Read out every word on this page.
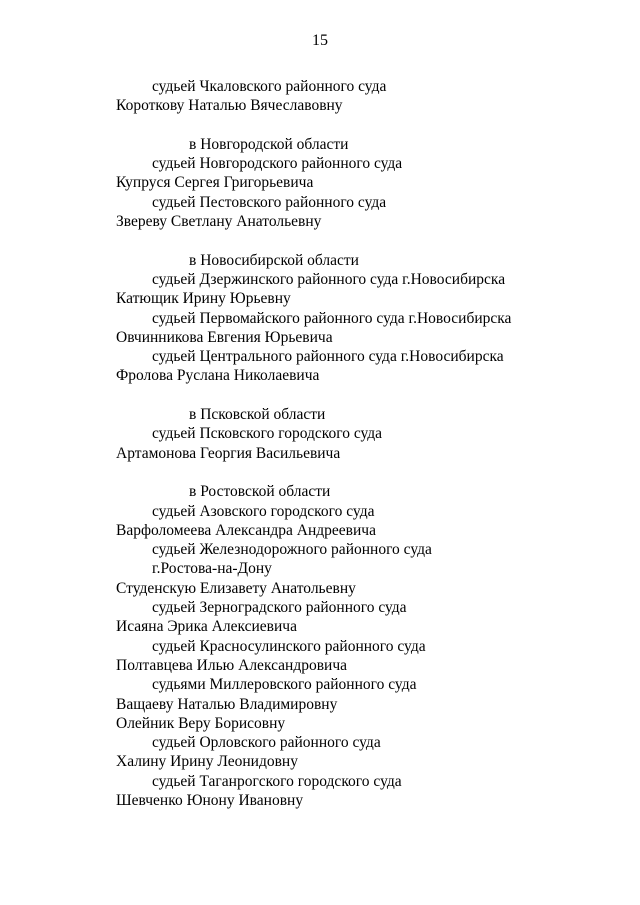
15
судьей Чкаловского районного суда
Короткову Наталью Вячеславовну
в Новгородской области
судьей Новгородского районного суда
Купруся Сергея Григорьевича
судьей Пестовского районного суда
Звереву Светлану Анатольевну
в Новосибирской области
судьей Дзержинского районного суда г.Новосибирска
Катющик Ирину Юрьевну
судьей Первомайского районного суда г.Новосибирска
Овчинникова Евгения Юрьевича
судьей Центрального районного суда г.Новосибирска
Фролова Руслана Николаевича
в Псковской области
судьей Псковского городского суда
Артамонова Георгия Васильевича
в Ростовской области
судьей Азовского городского суда
Варфоломеева Александра Андреевича
судьей Железнодорожного районного суда
г.Ростова-на-Дону
Студенскую Елизавету Анатольевну
судьей Зерноградского районного суда
Исаяна Эрика Алексиевича
судьей Красносулинского районного суда
Полтавцева Илью Александровича
судьями Миллеровского районного суда
Ващаеву Наталью Владимировну
Олейник Веру Борисовну
судьей Орловского районного суда
Халину Ирину Леонидовну
судьей Таганрогского городского суда
Шевченко Юнону Ивановну
